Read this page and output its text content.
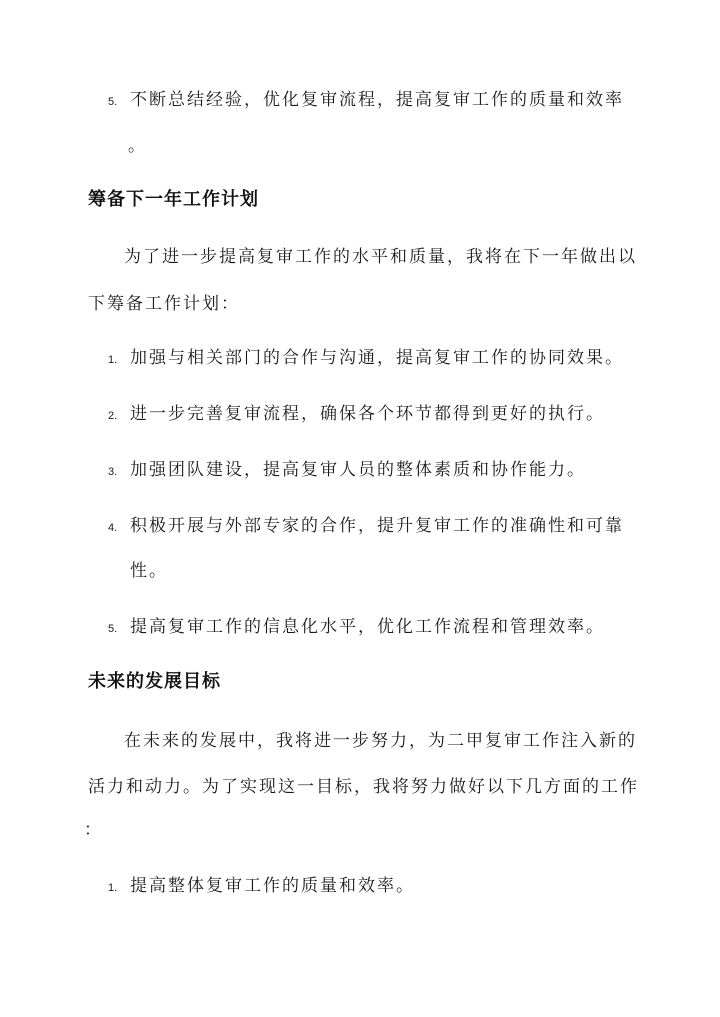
5. 不断总结经验，优化复审流程，提高复审工作的质量和效率
。
筹备下一年工作计划
为了进一步提高复审工作的水平和质量，我将在下一年做出以
下筹备工作计划：
1. 加强与相关部门的合作与沟通，提高复审工作的协同效果。
2. 进一步完善复审流程，确保各个环节都得到更好的执行。
3. 加强团队建设，提高复审人员的整体素质和协作能力。
4. 积极开展与外部专家的合作，提升复审工作的准确性和可靠
性。
5. 提高复审工作的信息化水平，优化工作流程和管理效率。
未来的发展目标
在未来的发展中，我将进一步努力，为二甲复审工作注入新的
活力和动力。为了实现这一目标，我将努力做好以下几方面的工作
：
1. 提高整体复审工作的质量和效率。
